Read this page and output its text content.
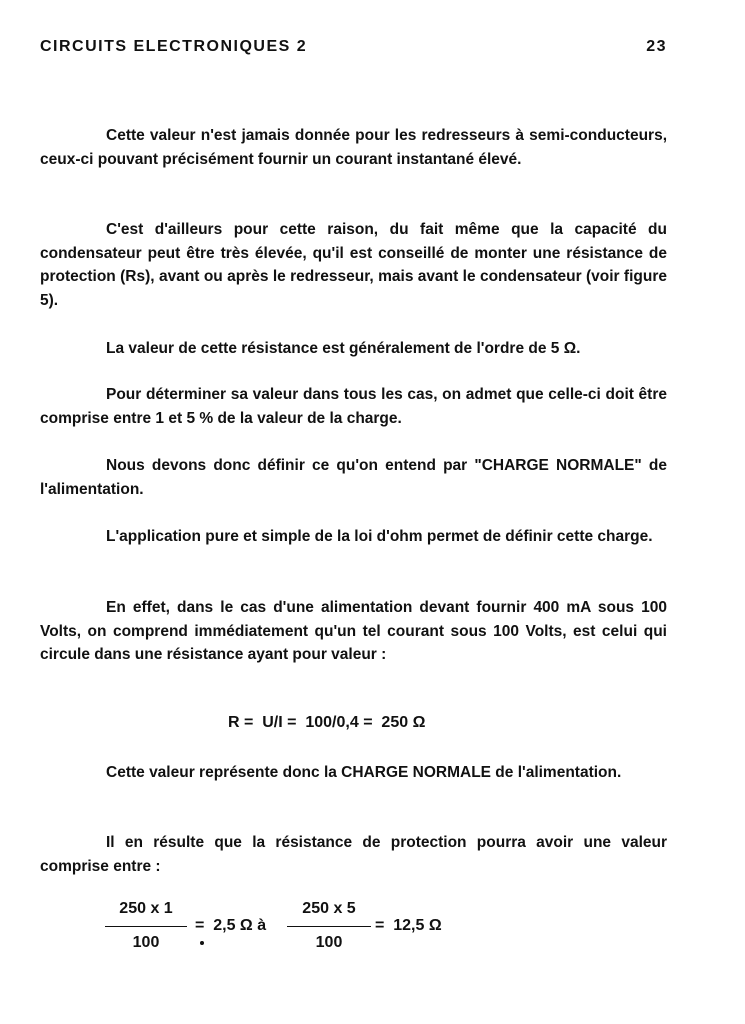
CIRCUITS ELECTRONIQUES 2	23

Cette valeur n'est jamais donnée pour les redresseurs à semi-conducteurs, ceux-ci pouvant précisément fournir un courant instantané élevé.

C'est d'ailleurs pour cette raison, du fait même que la capacité du condensateur peut être très élevée, qu'il est conseillé de monter une résistance de protection (Rs), avant ou après le redresseur, mais avant le condensateur (voir figure 5).

La valeur de cette résistance est généralement de l'ordre de 5 Ω.

Pour déterminer sa valeur dans tous les cas, on admet que celle-ci doit être comprise entre 1 et 5 % de la valeur de la charge.

Nous devons donc définir ce qu'on entend par "CHARGE NORMALE" de l'alimentation.

L'application pure et simple de la loi d'ohm permet de définir cette charge.

En effet, dans le cas d'une alimentation devant fournir 400 mA sous 100 Volts, on comprend immédiatement qu'un tel courant sous 100 Volts, est celui qui circule dans une résistance ayant pour valeur :

R =  U/I =  100/0,4 =  250 Ω

Cette valeur représente donc la CHARGE NORMALE de l'alimentation.

Il en résulte que la résistance de protection pourra avoir une valeur comprise entre :

250 x 1
100
=  2,5 Ω à
250 x 5
100
=  12,5 Ω
